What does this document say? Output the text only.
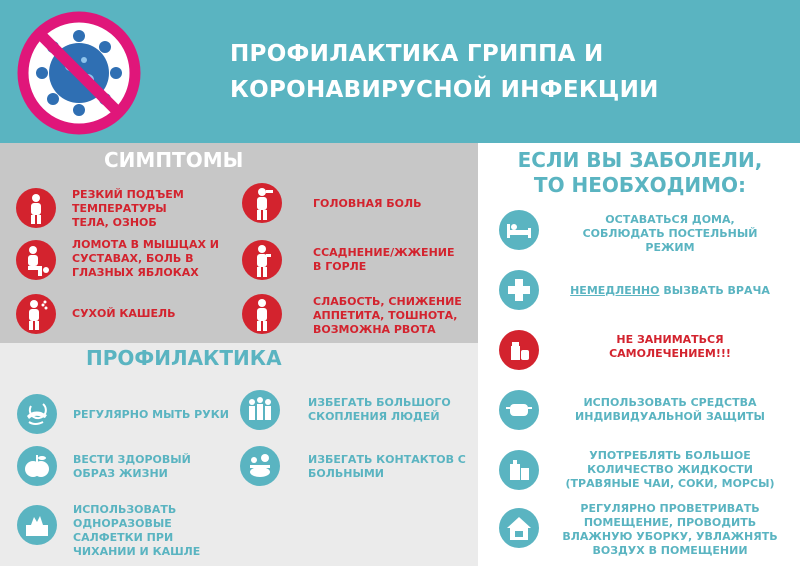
ПРОФИЛАКТИКА ГРИППА И
КОРОНАВИРУСНОЙ ИНФЕКЦИИ
СИМПТОМЫ
РЕЗКИЙ ПОДЪЕМ
ТЕМПЕРАТУРЫ
ТЕЛА, ОЗНОБ
ГОЛОВНАЯ БОЛЬ
ЛОМОТА В МЫШЦАХ И
СУСТАВАХ, БОЛЬ В
ГЛАЗНЫХ ЯБЛОКАХ
ССАДНЕНИЕ/ЖЖЕНИЕ
В ГОРЛЕ
СУХОЙ КАШЕЛЬ
СЛАБОСТЬ, СНИЖЕНИЕ
АППЕТИТА, ТОШНОТА,
ВОЗМОЖНА РВОТА
ПРОФИЛАКТИКА
РЕГУЛЯРНО МЫТЬ РУКИ
ИЗБЕГАТЬ БОЛЬШОГО
СКОПЛЕНИЯ ЛЮДЕЙ
ВЕСТИ ЗДОРОВЫЙ
ОБРАЗ ЖИЗНИ
ИЗБЕГАТЬ КОНТАКТОВ С
БОЛЬНЫМИ
ИСПОЛЬЗОВАТЬ
ОДНОРАЗОВЫЕ
САЛФЕТКИ ПРИ
ЧИХАНИИ И КАШЛЕ
ЕСЛИ ВЫ ЗАБОЛЕЛИ,
ТО НЕОБХОДИМО:
ОСТАВАТЬСЯ ДОМА,
СОБЛЮДАТЬ ПОСТЕЛЬНЫЙ
РЕЖИМ
НЕМЕДЛЕННО ВЫЗВАТЬ ВРАЧА
НЕ ЗАНИМАТЬСЯ
САМОЛЕЧЕНИЕМ!!!
ИСПОЛЬЗОВАТЬ СРЕДСТВА
ИНДИВИДУАЛЬНОЙ ЗАЩИТЫ
УПОТРЕБЛЯТЬ БОЛЬШОЕ
КОЛИЧЕСТВО ЖИДКОСТИ
(ТРАВЯНЫЕ ЧАИ, СОКИ, МОРСЫ)
РЕГУЛЯРНО ПРОВЕТРИВАТЬ
ПОМЕЩЕНИЕ, ПРОВОДИТЬ
ВЛАЖНУЮ УБОРКУ, УВЛАЖНЯТЬ
ВОЗДУХ В ПОМЕЩЕНИИ
